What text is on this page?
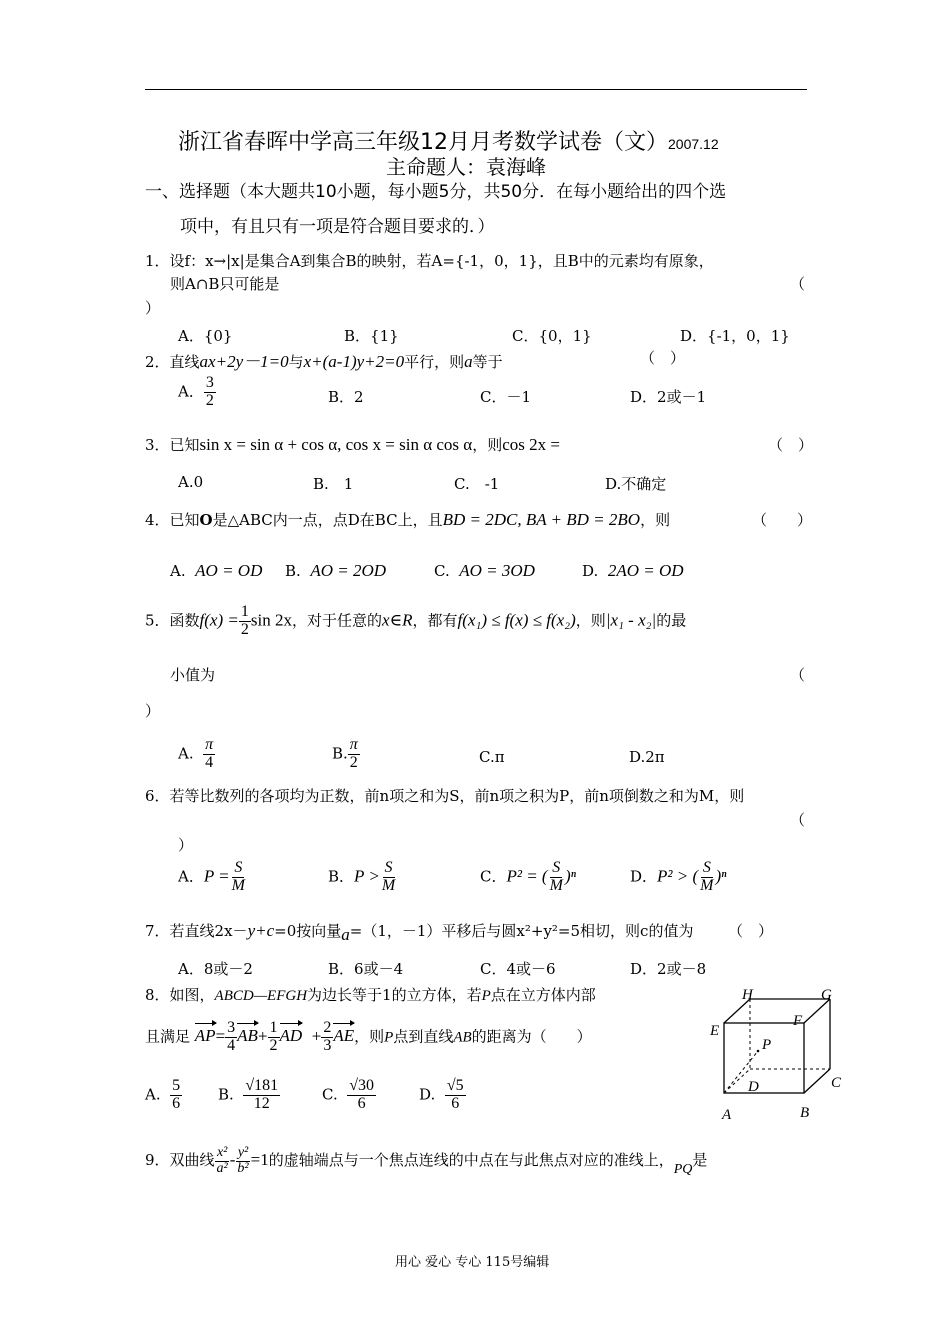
浙江省春晖中学高三年级12月月考数学试卷（文）2007.12
主命题人：袁海峰
一、选择题（本大题共10小题，每小题5分，共50分．在每小题给出的四个选
项中，有且只有一项是符合题目要求的．）
1．设f：x→|x|是集合A到集合B的映射，若A={-1，0，1}，且B中的元素均有原象，
则A∩B只可能是	（
）
A．{0}	B．{1}	C．{0，1}	D．{-1，0，1}
2．直线ax+2y－1=0与x+(a-1)y+2=0平行，则a等于	（　）
A． $\frac{3}{2}$	B．2	C．－1	D．2或－1
3．已知sin x = sin α + cos α, cos x = sin α cos α，则cos 2x =	（　）
A.0	B.　1	C.　-1	D.不确定
4．已知O是△ABC内一点，点D在BC上，且BD = 2DC, BA + BD = 2BO，则	（　　）
A. AO = OD B. AO = 2OD	C. AO = 3OD	D. 2AO = OD
5．函数$f(x) = \frac{1}{2}$ sin 2x，对于任意的x∈R，都有f(x₁) ≤ f(x) ≤ f(x₂)，则|x₁ - x₂|的最
小值为	（
）
A. $\frac{\pi}{4}$	B. $\frac{\pi}{2}$	C.π	D.2π
6．若等比数列的各项均为正数，前n项之和为S，前n项之积为P，前n项倒数之和为M，则
（
）
A．$P = \frac{S}{M}$	B．$P > \frac{S}{M}$	C．P² = ( $\frac{S}{M} )^n$	D．P² > ( $\frac{S}{M} )^n$
7．若直线2x－y+c=0按向量a=（1，－1）平移后与圆x²+y²=5相切，则c的值为 （　）
A．8或－2	B．6或－4	C．4或－6	D．2或－8
8．如图，ABCD—EFGH为边长等于1的立方体，若P点在立方体内部
且满足 $AP= \frac{3}{4} AB+ \frac{1}{2}$ AD + $\frac{2}{3}$ AE，则P点到直线AB的距离为（　　）
A. $\frac{5}{6} B$. $\frac{√181}{12}$	C. $\frac{√30}{6}$	D. $\frac{√5}{6}$
H	G
E
F
P
D	C
A	B
9．双曲线 $\frac{\text{x²}}{\text{a²}} - \frac{\text{y²}}{\text{b²}} =1$的虚轴端点与一个焦点连线的中点在与此焦点对应的准线上，PQ是
用心 爱心 专心 115号编辑
